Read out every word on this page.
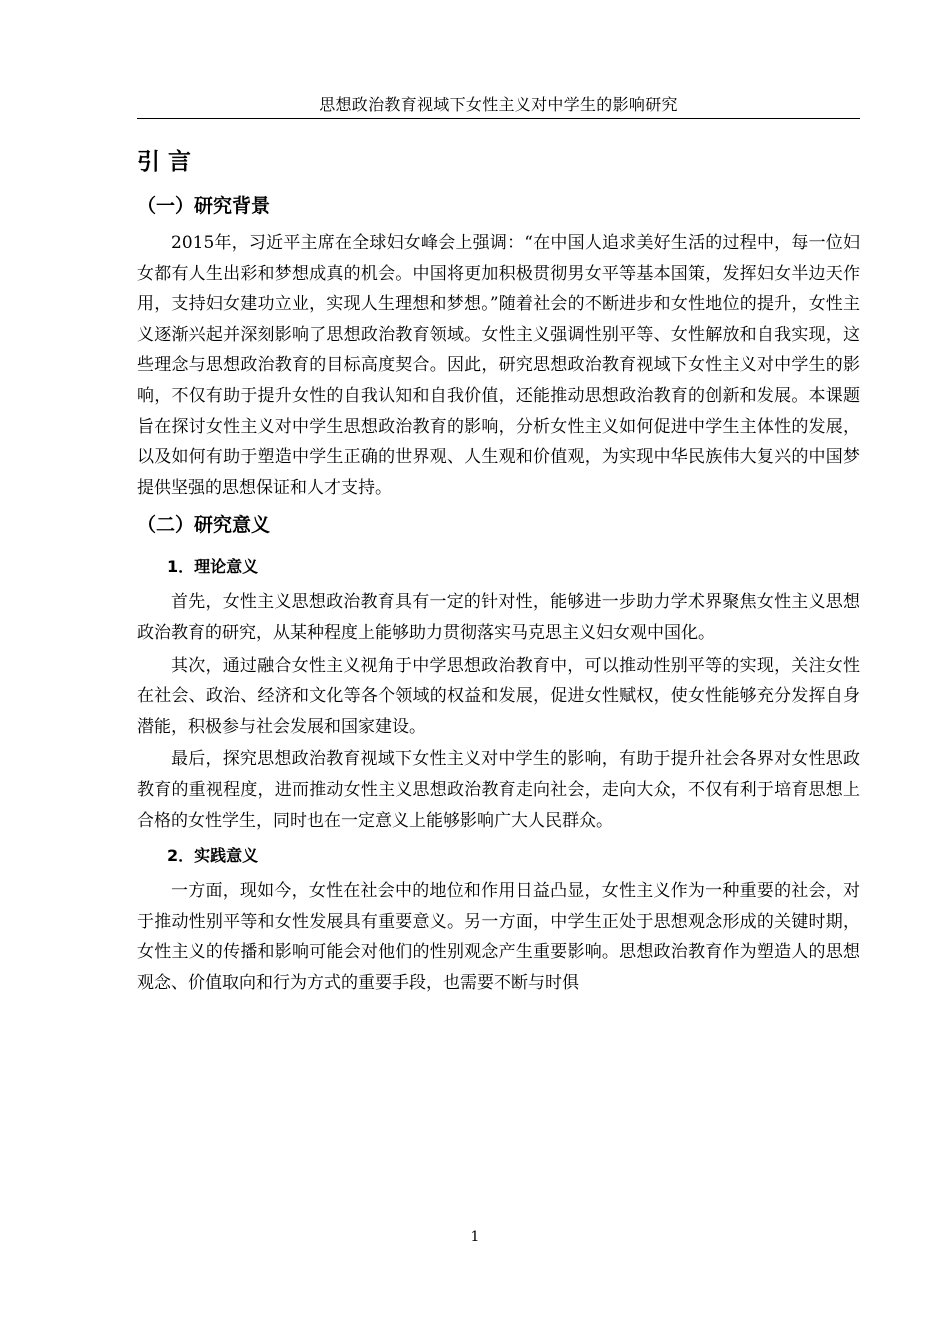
思想政治教育视域下女性主义对中学生的影响研究
引 言
（一）研究背景

2015年，习近平主席在全球妇女峰会上强调：“在中国人追求美好生活的过程中，每一位妇女都有人生出彩和梦想成真的机会。中国将更加积极贯彻男女平等基本国策，发挥妇女半边天作用，支持妇女建功立业，实现人生理想和梦想。”随着社会的不断进步和女性地位的提升，女性主义逐渐兴起并深刻影响了思想政治教育领域。女性主义强调性别平等、女性解放和自我实现，这些理念与思想政治教育的目标高度契合。因此，研究思想政治教育视域下女性主义对中学生的影响，不仅有助于提升女性的自我认知和自我价值，还能推动思想政治教育的创新和发展。本课题旨在探讨女性主义对中学生思想政治教育的影响，分析女性主义如何促进中学生主体性的发展，以及如何有助于塑造中学生正确的世界观、人生观和价值观，为实现中华民族伟大复兴的中国梦提供坚强的思想保证和人才支持。

（二）研究意义
1．理论意义

首先，女性主义思想政治教育具有一定的针对性，能够进一步助力学术界聚焦女性主义思想政治教育的研究，从某种程度上能够助力贯彻落实马克思主义妇女观中国化。

其次，通过融合女性主义视角于中学思想政治教育中，可以推动性别平等的实现，关注女性在社会、政治、经济和文化等各个领域的权益和发展，促进女性赋权，使女性能够充分发挥自身潜能，积极参与社会发展和国家建设。

最后，探究思想政治教育视域下女性主义对中学生的影响，有助于提升社会各界对女性思政教育的重视程度，进而推动女性主义思想政治教育走向社会，走向大众，不仅有利于培育思想上合格的女性学生，同时也在一定意义上能够影响广大人民群众。

2．实践意义

一方面，现如今，女性在社会中的地位和作用日益凸显，女性主义作为一种重要的社会，对于推动性别平等和女性发展具有重要意义。另一方面，中学生正处于思想观念形成的关键时期，女性主义的传播和影响可能会对他们的性别观念产生重要影响。思想政治教育作为塑造人的思想观念、价值取向和行为方式的重要手段，也需要不断与时俱

1
